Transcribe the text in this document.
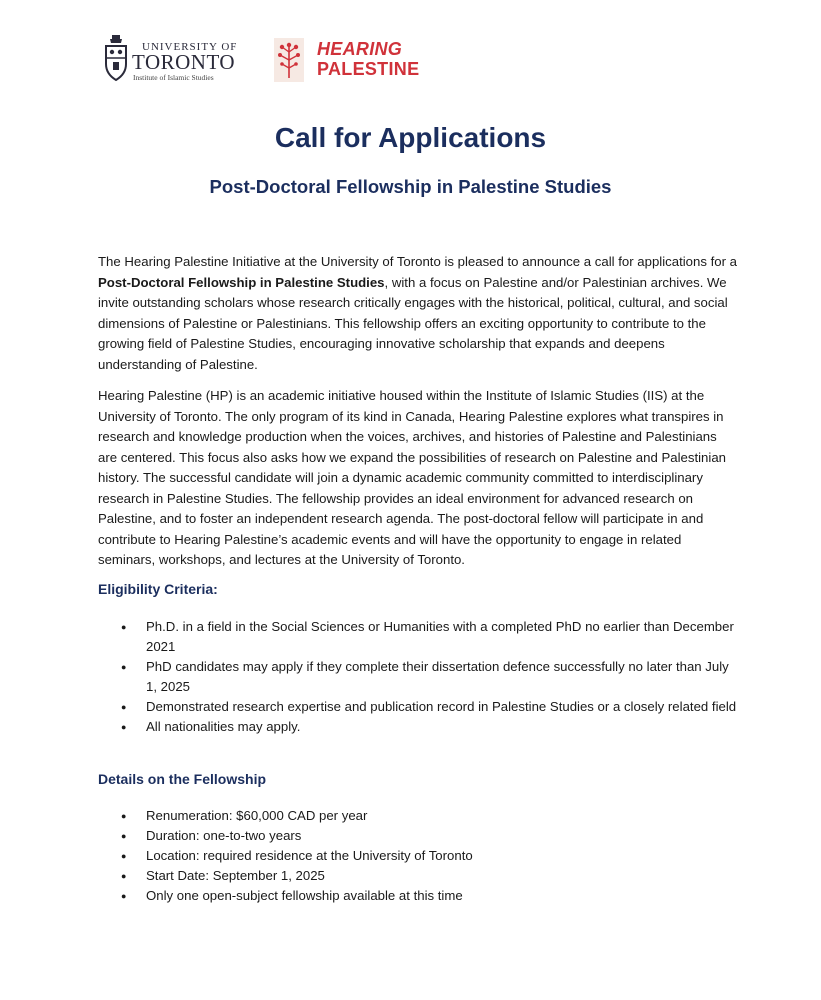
UNIVERSITY OF
TORONTO
Institute of Islamic Studies
HEARING
PALESTINE
Call for Applications
Post-Doctoral Fellowship in Palestine Studies
The Hearing Palestine Initiative at the University of Toronto is pleased to announce a call for applications for a Post-Doctoral Fellowship in Palestine Studies, with a focus on Palestine and/or Palestinian archives. We invite outstanding scholars whose research critically engages with the historical, political, cultural, and social dimensions of Palestine or Palestinians. This fellowship offers an exciting opportunity to contribute to the growing field of Palestine Studies, encouraging innovative scholarship that expands and deepens understanding of Palestine.
Hearing Palestine (HP) is an academic initiative housed within the Institute of Islamic Studies (IIS) at the University of Toronto. The only program of its kind in Canada, Hearing Palestine explores what transpires in research and knowledge production when the voices, archives, and histories of Palestine and Palestinians are centered. This focus also asks how we expand the possibilities of research on Palestine and Palestinian history. The successful candidate will join a dynamic academic community committed to interdisciplinary research in Palestine Studies. The fellowship provides an ideal environment for advanced research on Palestine, and to foster an independent research agenda. The post-doctoral fellow will participate in and contribute to Hearing Palestine’s academic events and will have the opportunity to engage in related seminars, workshops, and lectures at the University of Toronto.
Eligibility Criteria:
● Ph.D. in a field in the Social Sciences or Humanities with a completed PhD no earlier than December 2021
● PhD candidates may apply if they complete their dissertation defence successfully no later than July 1, 2025
● Demonstrated research expertise and publication record in Palestine Studies or a closely related field
● All nationalities may apply.
Details on the Fellowship
● Renumeration: $60,000 CAD per year
● Duration: one-to-two years
● Location: required residence at the University of Toronto
● Start Date: September 1, 2025
● Only one open-subject fellowship available at this time
